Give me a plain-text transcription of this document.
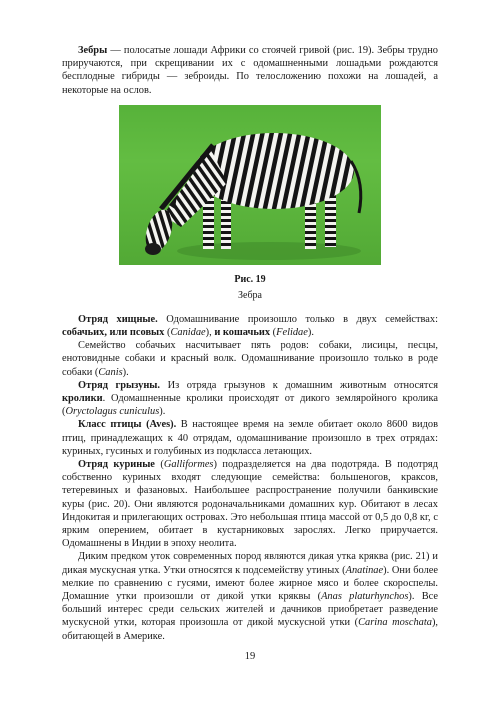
Зебры — полосатые лошади Африки со стоячей гривой (рис. 19). Зебры трудно приручаются, при скрещивании их с одомашненными лошадьми рождаются бесплодные гибриды — зеброиды. По телосложению похожи на лошадей, а некоторые на ослов.

Рис. 19
Зебра

Отряд хищные. Одомашнивание произошло только в двух семействах: собачьих, или псовых (Canidae), и кошачьих (Felidae).

Семейство собачьих насчитывает пять родов: собаки, лисицы, песцы, енотовидные собаки и красный волк. Одомашнивание произошло только в роде собаки (Canis).

Отряд грызуны. Из отряда грызунов к домашним животным относятся кролики. Одомашненные кролики происходят от дикого земляройного кролика (Oryctolagus cuniculus).

Класс птицы (Aves). В настоящее время на земле обитает около 8600 видов птиц, принадлежащих к 40 отрядам, одомашнивание произошло в трех отрядах: куриных, гусиных и голубиных из подкласса летающих.

Отряд куриные (Galliformes) подразделяется на два подотряда. В подотряд собственно куриных входят следующие семейства: большеногов, краксов, тетеревиных и фазановых. Наибольшее распространение получили банкивские куры (рис. 20). Они являются родоначальниками домашних кур. Обитают в лесах Индокитая и прилегающих островах. Это небольшая птица массой от 0,5 до 0,8 кг, с ярким оперением, обитает в кустарниковых зарослях. Легко приручается. Одомашнены в Индии в эпоху неолита.

Диким предком уток современных пород являются дикая утка кряква (рис. 21) и дикая мускусная утка. Утки относятся к подсемейству утиных (Anatinae). Они более мелкие по сравнению с гусями, имеют более жирное мясо и более скороспелы. Домашние утки произошли от дикой утки кряквы (Anas platurhynchos). Все больший интерес среди сельских жителей и дачников приобретает разведение мускусной утки, которая произошла от дикой мускусной утки (Carina moschata), обитающей в Америке.

19
